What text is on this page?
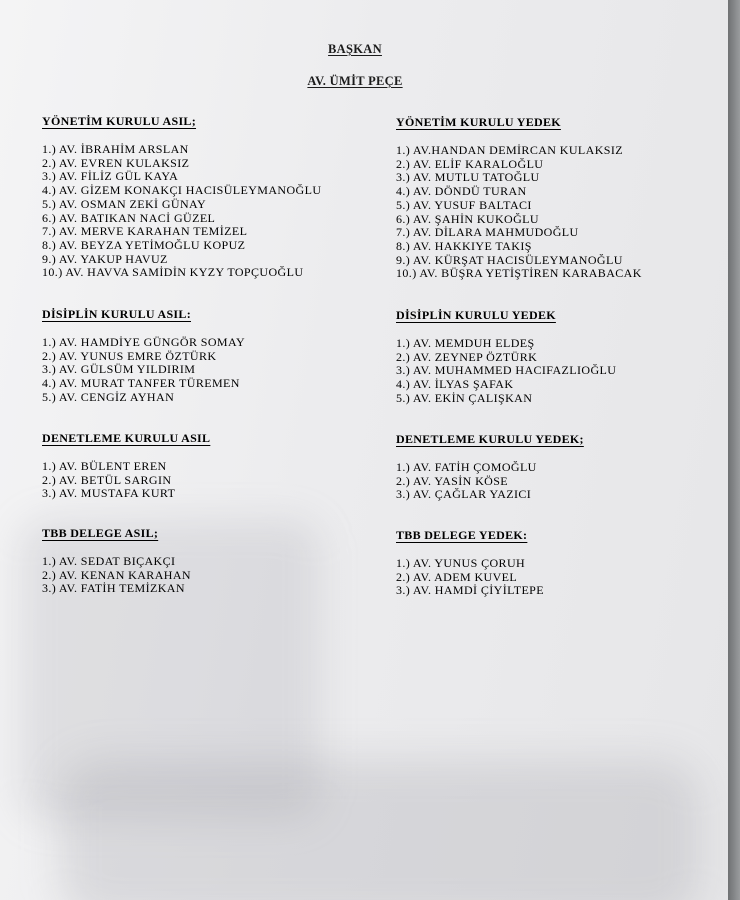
BAŞKAN
AV. ÜMİT PEÇE
YÖNETİM KURULU ASIL;
1.) AV. İBRAHİM ARSLAN
2.) AV. EVREN KULAKSIZ
3.) AV. FİLİZ GÜL KAYA
4.) AV. GİZEM KONAKÇI HACISÜLEYMANOĞLU
5.) AV. OSMAN ZEKİ GÜNAY
6.) AV. BATIKAN NACİ GÜZEL
7.) AV. MERVE KARAHAN TEMİZEL
8.) AV. BEYZA YETİMOĞLU KOPUZ
9.) AV. YAKUP HAVUZ
10.) AV. HAVVA SAMİDİN KYZY TOPÇUOĞLU
DİSİPLİN KURULU ASIL:
1.) AV. HAMDİYE GÜNGÖR SOMAY
2.) AV. YUNUS EMRE ÖZTÜRK
3.) AV. GÜLSÜM YILDIRIM
4.) AV. MURAT TANFER TÜREMEN
5.) AV. CENGİZ AYHAN
DENETLEME KURULU ASIL
1.) AV. BÜLENT EREN
2.) AV. BETÜL SARGIN
3.) AV. MUSTAFA KURT
TBB DELEGE ASIL;
1.) AV. SEDAT BIÇAKÇI
2.) AV. KENAN KARAHAN
3.) AV. FATİH TEMİZKAN
YÖNETİM KURULU YEDEK
1.) AV.HANDAN DEMİRCAN KULAKSIZ
2.) AV. ELİF KARALOĞLU
3.) AV. MUTLU TATOĞLU
4.) AV. DÖNDÜ TURAN
5.) AV. YUSUF BALTACI
6.) AV. ŞAHİN KUKOĞLU
7.) AV. DİLARA MAHMUDOĞLU
8.) AV. HAKKIYE TAKIŞ
9.) AV. KÜRŞAT HACISÜLEYMANOĞLU
10.) AV. BÜŞRA YETİŞTİREN KARABACAK
DİSİPLİN KURULU YEDEK
1.) AV. MEMDUH ELDEŞ
2.) AV. ZEYNEP ÖZTÜRK
3.) AV. MUHAMMED HACIFAZLIOĞLU
4.) AV. İLYAS ŞAFAK
5.) AV. EKİN ÇALIŞKAN
DENETLEME KURULU YEDEK;
1.) AV. FATİH ÇOMOĞLU
2.) AV. YASİN KÖSE
3.) AV. ÇAĞLAR YAZICI
TBB DELEGE YEDEK:
1.) AV. YUNUS ÇORUH
2.) AV. ADEM KUVEL
3.) AV. HAMDİ ÇİYİLTEPE
